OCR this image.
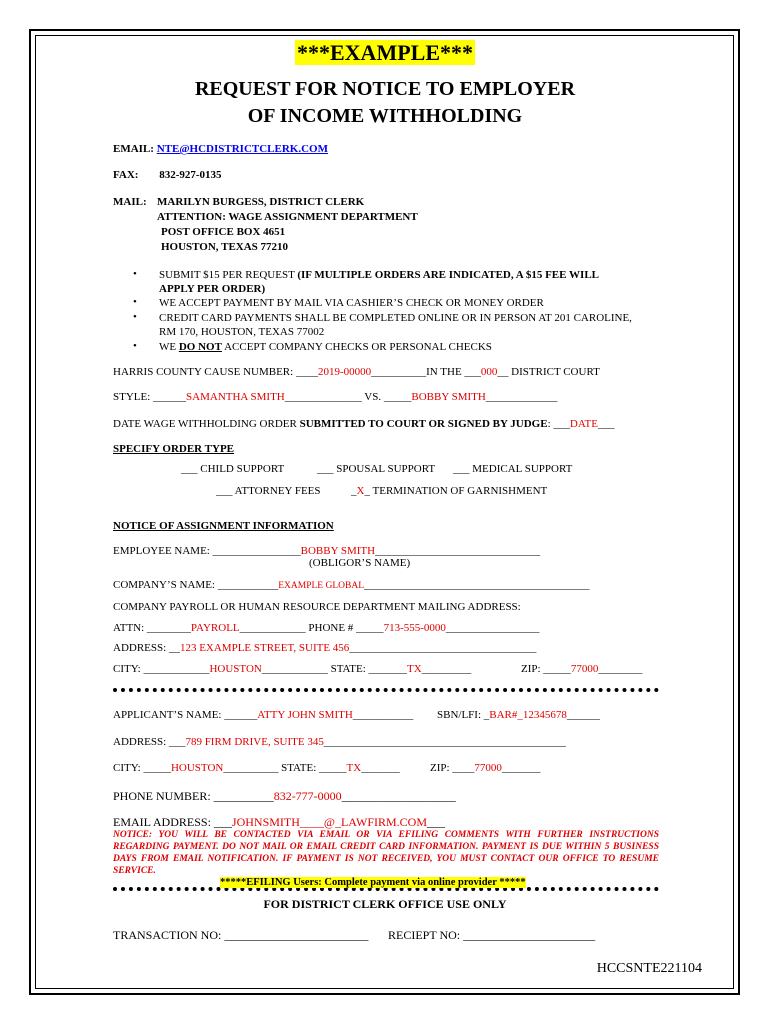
***EXAMPLE***
REQUEST FOR NOTICE TO EMPLOYER
OF INCOME WITHHOLDING
EMAIL: NTE@HCDISTRICTCLERK.COM
FAX: 832-927-0135
MAIL: MARILYN BURGESS, DISTRICT CLERK
ATTENTION: WAGE ASSIGNMENT DEPARTMENT
POST OFFICE BOX 4651
HOUSTON, TEXAS 77210
• SUBMIT $15 PER REQUEST (IF MULTIPLE ORDERS ARE INDICATED, A $15 FEE WILL
APPLY PER ORDER)
• WE ACCEPT PAYMENT BY MAIL VIA CASHIER’S CHECK OR MONEY ORDER
• CREDIT CARD PAYMENTS SHALL BE COMPLETED ONLINE OR IN PERSON AT 201 CAROLINE,
RM 170, HOUSTON, TEXAS 77002
• WE DO NOT ACCEPT COMPANY CHECKS OR PERSONAL CHECKS
HARRIS COUNTY CAUSE NUMBER: ____2019-00000__________IN THE ___000__ DISTRICT COURT
STYLE: ______SAMANTHA SMITH______________ VS. _____BOBBY SMITH_____________
DATE WAGE WITHHOLDING ORDER SUBMITTED TO COURT OR SIGNED BY JUDGE: ___DATE___
SPECIFY ORDER TYPE
___ CHILD SUPPORT	___ SPOUSAL SUPPORT ___ MEDICAL SUPPORT
___ ATTORNEY FEES	_X_ TERMINATION OF GARNISHMENT
NOTICE OF ASSIGNMENT INFORMATION
EMPLOYEE NAME: ________________BOBBY SMITH______________________________
(OBLIGOR’S NAME)
COMPANY’S NAME: ___________EXAMPLE GLOBAL_________________________________________
COMPANY PAYROLL OR HUMAN RESOURCE DEPARTMENT MAILING ADDRESS:
ATTN: ________PAYROLL____________ PHONE # _____713-555-0000_________________
ADDRESS: __123 EXAMPLE STREET, SUITE 456__________________________________
CITY: ____________HOUSTON____________ STATE: _______TX_________	ZIP: _____77000________
APPLICANT’S NAME: ______ATTY JOHN SMITH___________ SBN/LFI: _BAR#_12345678______
ADDRESS: ___789 FIRM DRIVE, SUITE 345____________________________________________
CITY: _____HOUSTON__________ STATE: _____TX_______	ZIP: ____77000_______
PHONE NUMBER: __________832-777-0000___________________
EMAIL ADDRESS: ___JOHNSMITH____@_LAWFIRM.COM___
NOTICE: YOU WILL BE CONTACTED VIA EMAIL OR VIA EFILING COMMENTS WITH FURTHER INSTRUCTIONS REGARDING PAYMENT. DO NOT MAIL OR EMAIL CREDIT CARD INFORMATION. PAYMENT IS DUE WITHIN 5 BUSINESS DAYS FROM EMAIL NOTIFICATION. IF PAYMENT IS NOT RECEIVED, YOU MUST CONTACT OUR OFFICE TO RESUME SERVICE.
*****EFILING Users: Complete payment via online provider *****
FOR DISTRICT CLERK OFFICE USE ONLY
TRANSACTION NO: ________________________ RECIEPT NO: ______________________
HCCSNTE221104
